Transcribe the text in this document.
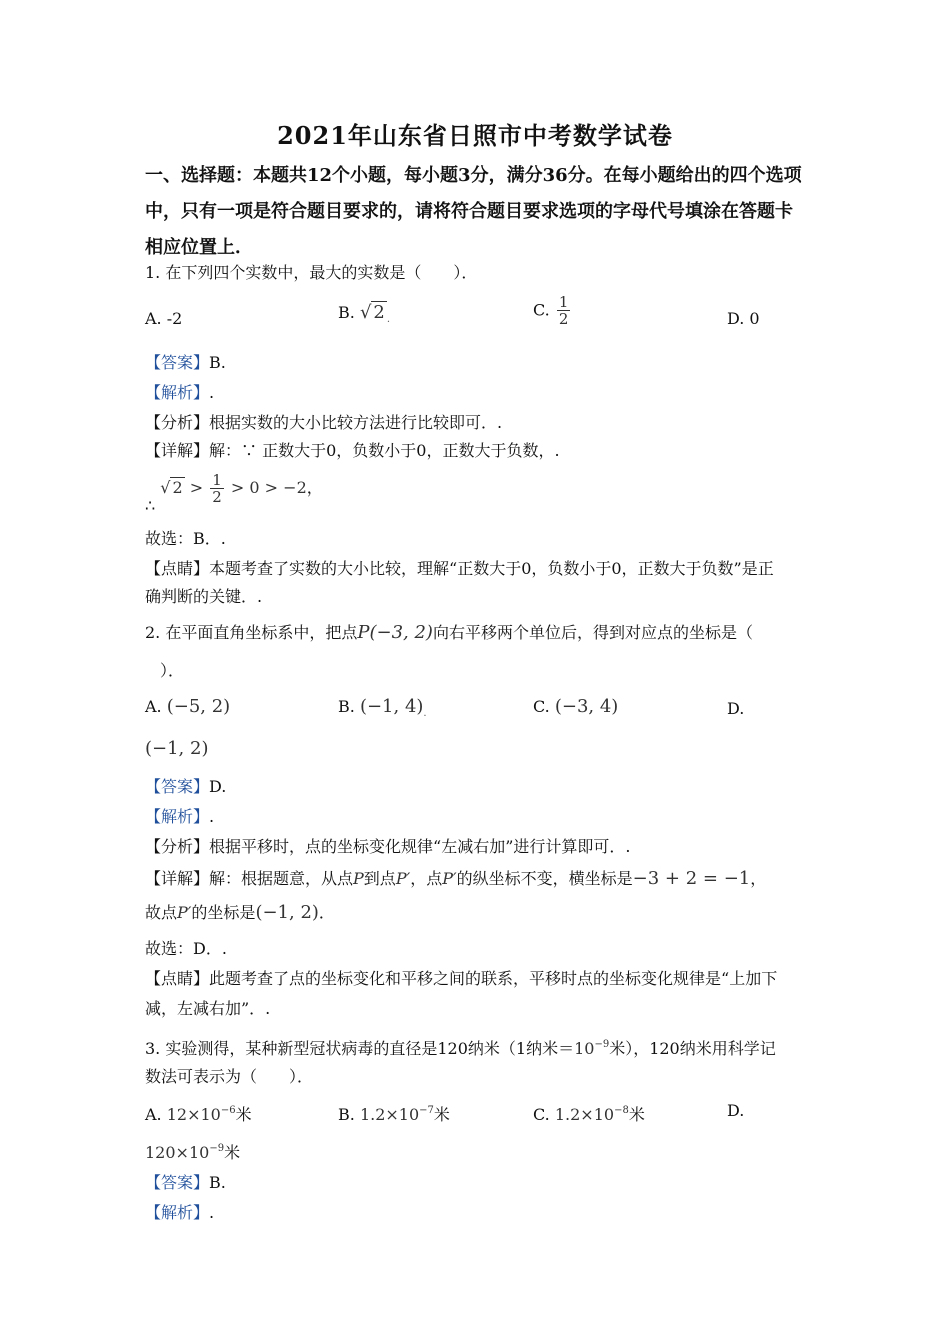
2021年山东省日照市中考数学试卷
一、选择题：本题共12个小题，每小题3分，满分36分。在每小题给出的四个选项中，只有一项是符合题目要求的，请将符合题目要求选项的字母代号填涂在答题卡相应位置上．
1. 在下列四个实数中，最大的实数是（　　）．
A. -2	B. √ 2 $_.$	C. $\frac{1}{2}$	D. 0
【答案】B.
【解析】.
【分析】根据实数的大小比较方法进行比较即可．.
【详解】解：∵ 正数大于0，负数小于0，正数大于负数，.
∴ √ $2 > \frac{1}{2} > 0 > -2$，
故选：B．.
【点睛】本题考查了实数的大小比较，理解“正数大于0，负数小于0，正数大于负数”是正
确判断的关键．.
2. 在平面直角坐标系中，把点P(−3, 2)向右平移两个单位后，得到对应点的坐标是（
）．
A. (−5, 2)	B. (−1, $4)_.$	C. (−3, 4)	D.
(−1, 2)
【答案】D.
【解析】.
【分析】根据平移时，点的坐标变化规律“左减右加”进行计算即可．.
【详解】解：根据题意，从点P到点P′，点P′的纵坐标不变，横坐标是−3 + 2 = −1，
故点P′的坐标是(−1, 2)．
故选：D．.
【点睛】此题考查了点的坐标变化和平移之间的联系，平移时点的坐标变化规律是“上加下
减，左减右加”．.
3. 实验测得，某种新型冠状病毒的直径是120纳米（1纳米$=10^{-9}$米），120纳米用科学记
数法可表示为（　　）．
A. $12\times 10^{-6}$米	B. $1.2\times 10^{-7}$米	C. $1.2\times 10^{-8}$米	D.
$120\times 10^{-9}$米
【答案】B.
【解析】.
